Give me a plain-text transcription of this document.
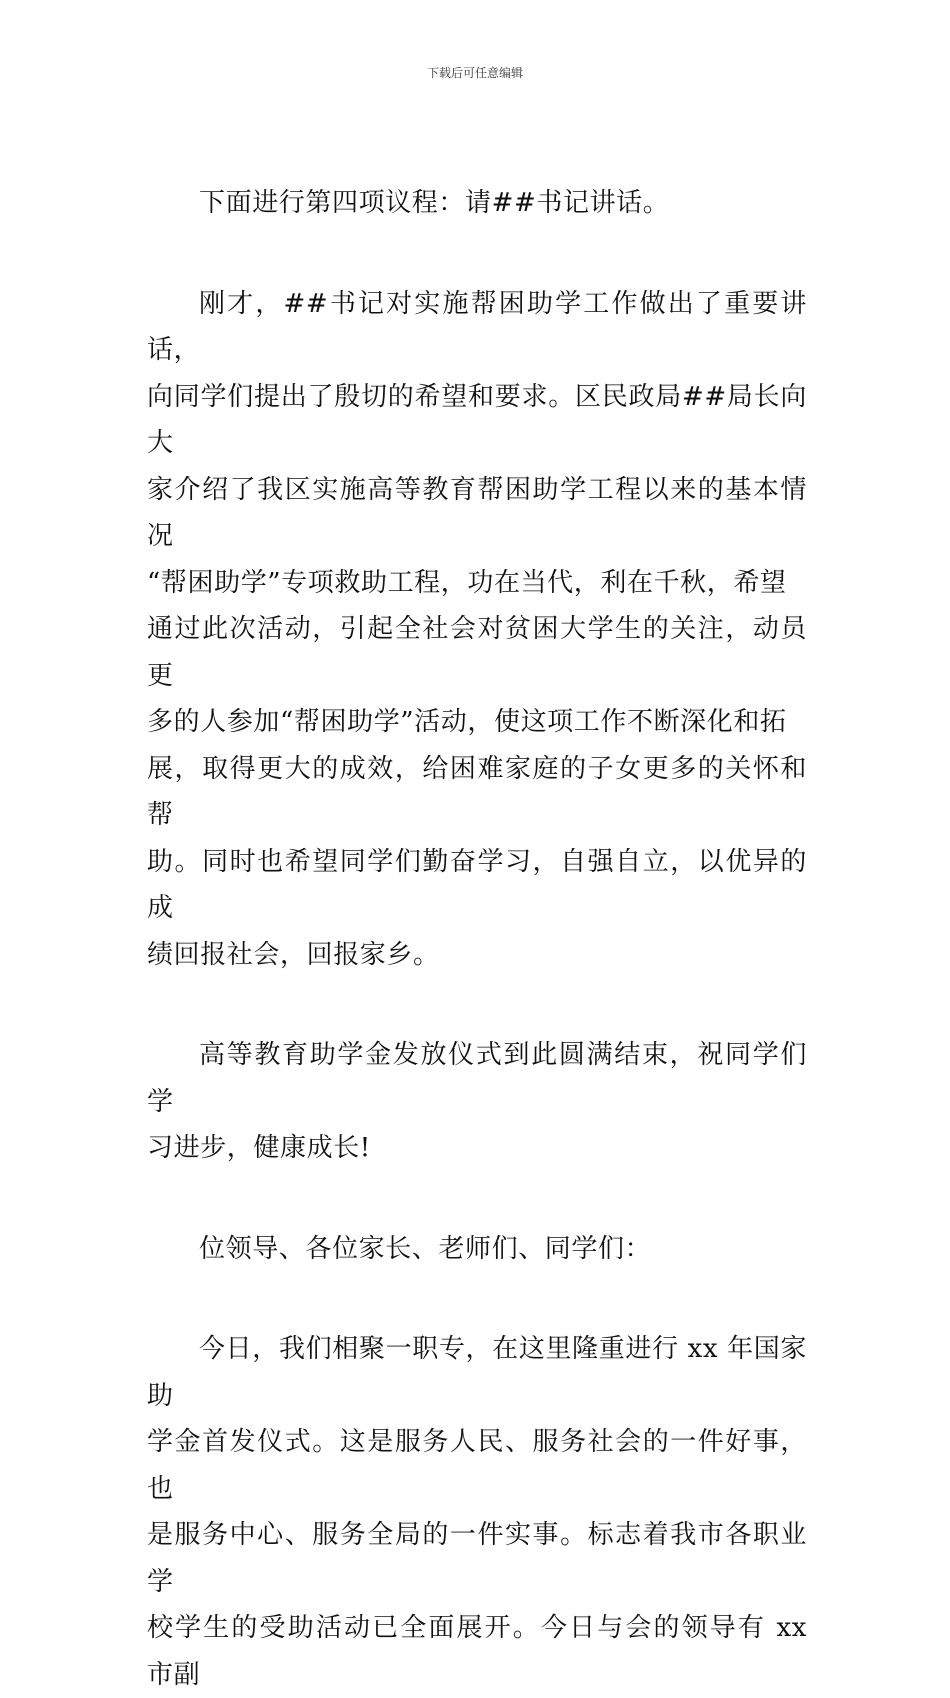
下载后可任意编辑

下面进行第四项议程：请##书记讲话。

刚才，##书记对实施帮困助学工作做出了重要讲话，
向同学们提出了殷切的希望和要求。区民政局##局长向大
家介绍了我区实施高等教育帮困助学工程以来的基本情况
“帮困助学”专项救助工程，功在当代，利在千秋，希望
通过此次活动，引起全社会对贫困大学生的关注，动员更
多的人参加“帮困助学”活动，使这项工作不断深化和拓
展，取得更大的成效，给困难家庭的子女更多的关怀和帮
助。同时也希望同学们勤奋学习，自强自立，以优异的成
绩回报社会，回报家乡。

高等教育助学金发放仪式到此圆满结束，祝同学们学
习进步，健康成长!

位领导、各位家长、老师们、同学们：

今日，我们相聚一职专，在这里隆重进行 xx 年国家助
学金首发仪式。这是服务人民、服务社会的一件好事，也
是服务中心、服务全局的一件实事。标志着我市各职业学
校学生的受助活动已全面展开。今日与会的领导有 xx 市副
